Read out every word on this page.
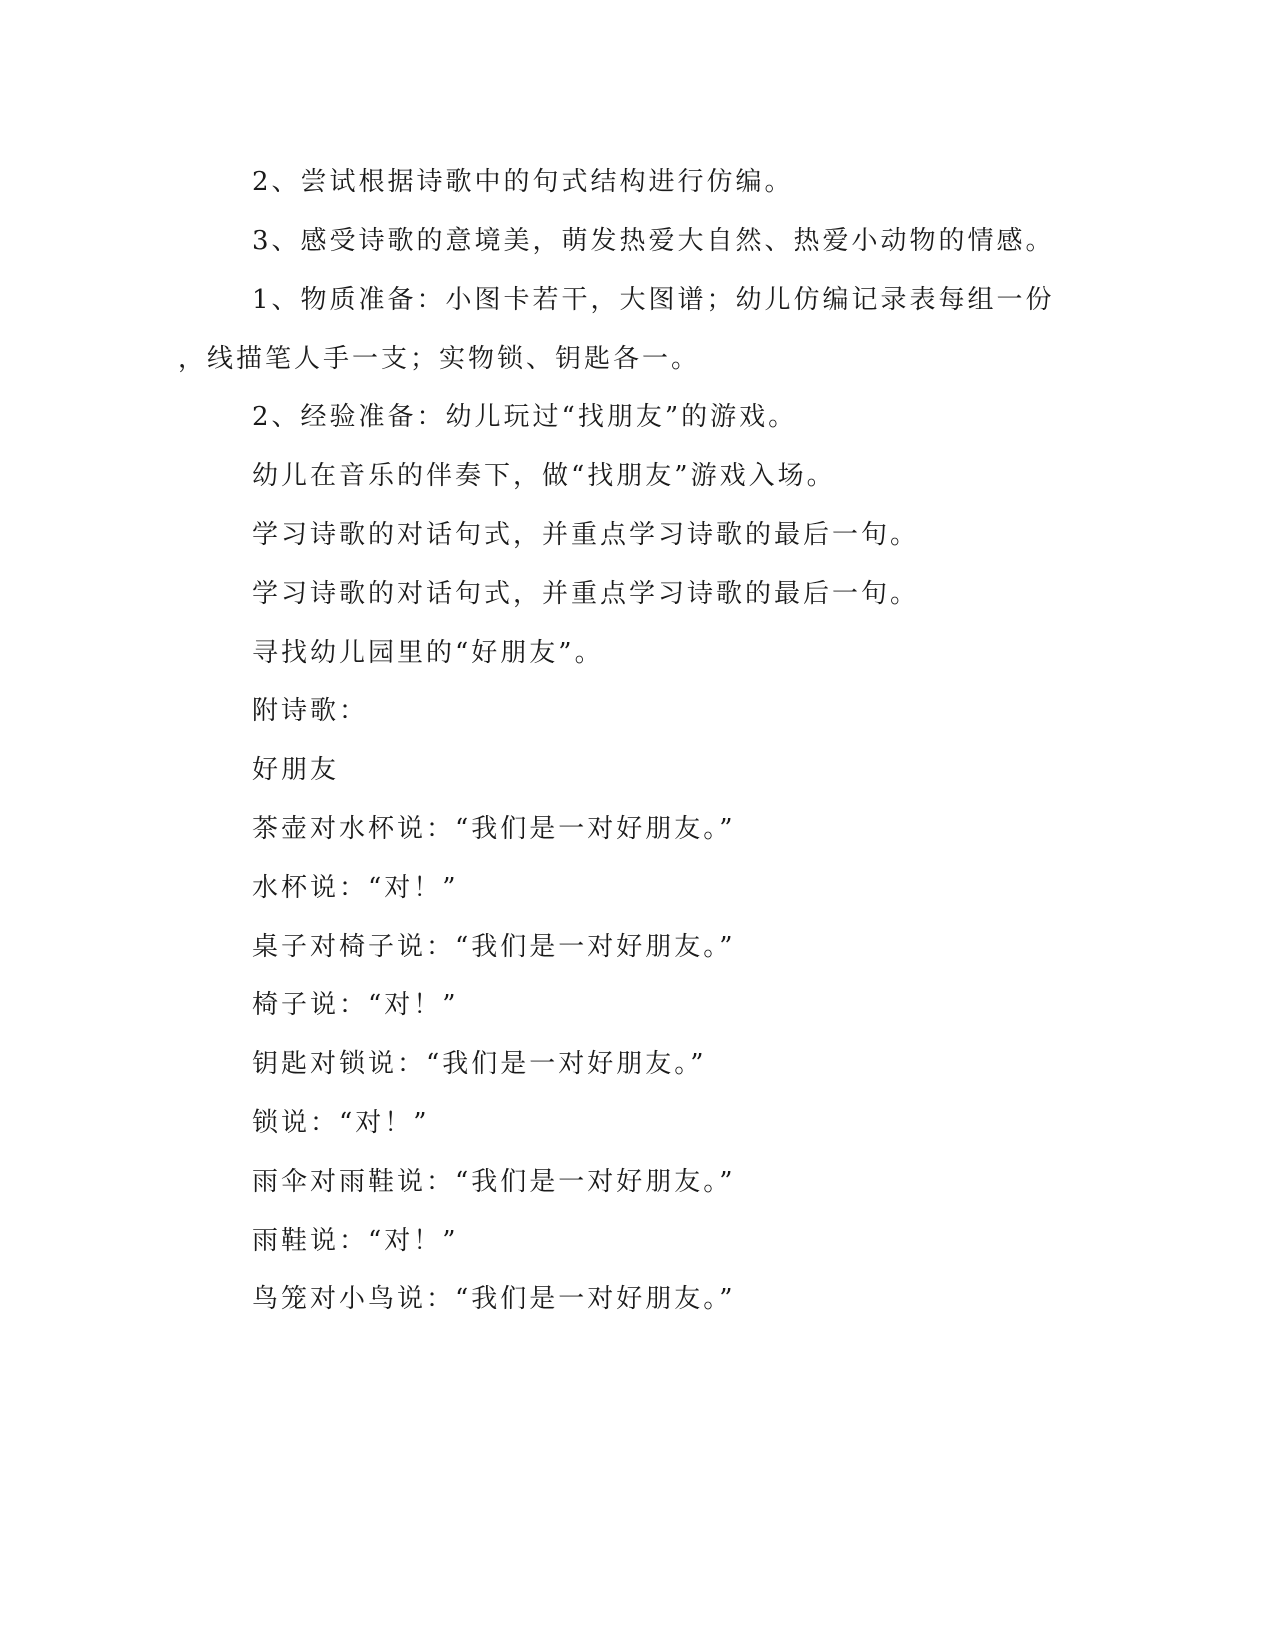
2、尝试根据诗歌中的句式结构进行仿编。
3、感受诗歌的意境美，萌发热爱大自然、热爱小动物的情感。
1、物质准备：小图卡若干，大图谱；幼儿仿编记录表每组一份
，线描笔人手一支；实物锁、钥匙各一。
2、经验准备：幼儿玩过“找朋友”的游戏。
幼儿在音乐的伴奏下，做“找朋友”游戏入场。
学习诗歌的对话句式，并重点学习诗歌的最后一句。
学习诗歌的对话句式，并重点学习诗歌的最后一句。
寻找幼儿园里的“好朋友”。
附诗歌：
好朋友
茶壶对水杯说：“我们是一对好朋友。”
水杯说：“对！”
桌子对椅子说：“我们是一对好朋友。”
椅子说：“对！”
钥匙对锁说：“我们是一对好朋友。”
锁说：“对！”
雨伞对雨鞋说：“我们是一对好朋友。”
雨鞋说：“对！”
鸟笼对小鸟说：“我们是一对好朋友。”
